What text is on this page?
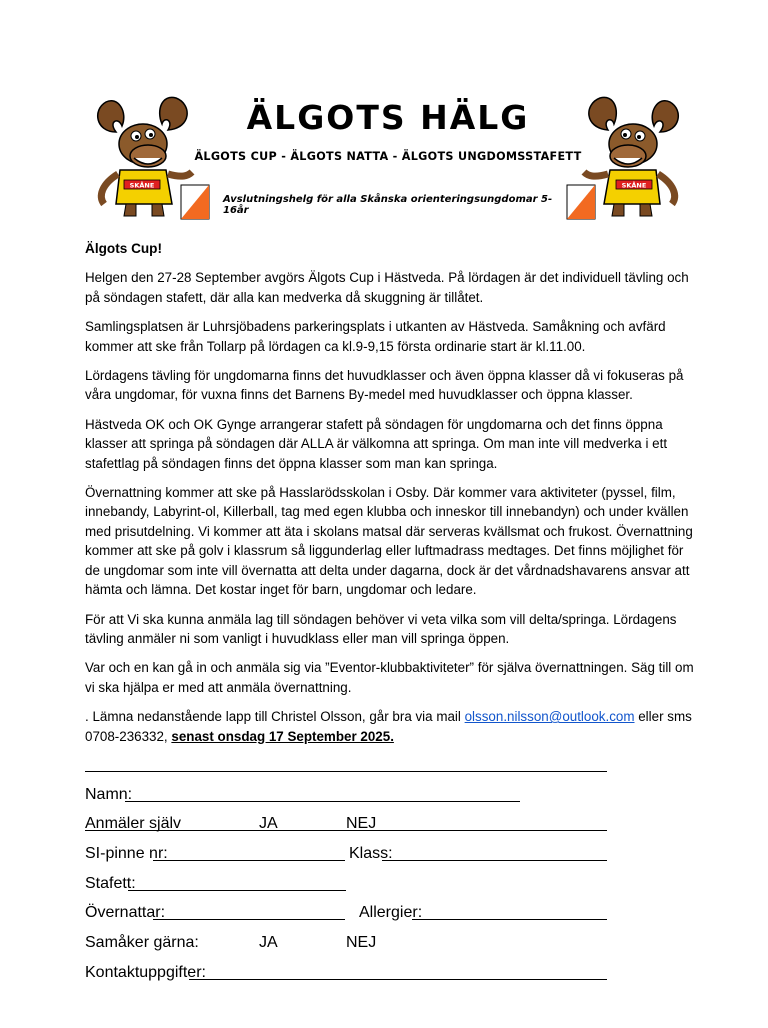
SKÅNE
ÄLGOTS HÄLG
ÄLGOTS CUP - ÄLGOTS NATTA - ÄLGOTS UNGDOMSSTAFETT
Avslutningshelg för alla Skånska orienteringsungdomar 5-16år
SKÅNE
Älgots Cup!

Helgen den 27-28 September avgörs Älgots Cup i Hästveda. På lördagen är det individuell tävling och på söndagen stafett, där alla kan medverka då skuggning är tillåtet.

Samlingsplatsen är Luhrsjöbadens parkeringsplats i utkanten av Hästveda. Samåkning och avfärd kommer att ske från Tollarp på lördagen ca kl.9-9,15 första ordinarie start är kl.11.00.

Lördagens tävling för ungdomarna finns det huvudklasser och även öppna klasser då vi fokuseras på våra ungdomar, för vuxna finns det Barnens By-medel med huvudklasser och öppna klasser.

Hästveda OK och OK Gynge arrangerar stafett på söndagen för ungdomarna och det finns öppna klasser att springa på söndagen där ALLA är välkomna att springa. Om man inte vill medverka i ett stafettlag på söndagen finns det öppna klasser som man kan springa.

Övernattning kommer att ske på Hasslarödsskolan i Osby. Där kommer vara aktiviteter (pyssel, film, innebandy, Labyrint-ol, Killerball, tag med egen klubba och inneskor till innebandyn) och under kvällen med prisutdelning. Vi kommer att äta i skolans matsal där serveras kvällsmat och frukost. Övernattning kommer att ske på golv i klassrum så liggunderlag eller luftmadrass medtages. Det finns möjlighet för de ungdomar som inte vill övernatta att delta under dagarna, dock är det vårdnadshavarens ansvar att hämta och lämna. Det kostar inget för barn, ungdomar och ledare.

För att Vi ska kunna anmäla lag till söndagen behöver vi veta vilka som vill delta/springa. Lördagens tävling anmäler ni som vanligt i huvudklass eller man vill springa öppen.

Var och en kan gå in och anmäla sig via ”Eventor-klubbaktiviteter” för själva övernattningen. Säg till om vi ska hjälpa er med att anmäla övernattning.

. Lämna nedanstående lapp till Christel Olsson, går bra via mail olsson.nilsson@outlook.com eller sms 0708-236332, senast onsdag 17 September 2025.

Namn:
Anmäler själv	JA	NEJ
SI-pinne nr:	Klass:
Stafett:
Övernattar:	Allergier:
Samåker gärna:	JA	NEJ
Kontaktuppgifter:
